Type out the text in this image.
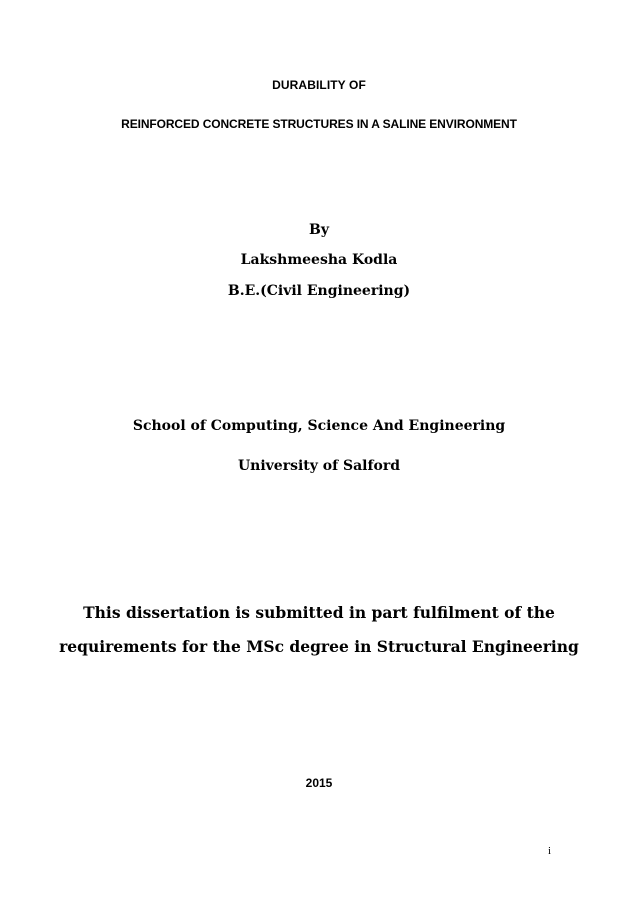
DURABILITY OF

REINFORCED CONCRETE STRUCTURES IN A SALINE ENVIRONMENT

By

Lakshmeesha Kodla

B.E.(Civil Engineering)

School of Computing, Science And Engineering

University of Salford

This dissertation is submitted in part fulfilment of the

requirements for the MSc degree in Structural Engineering

2015

i
